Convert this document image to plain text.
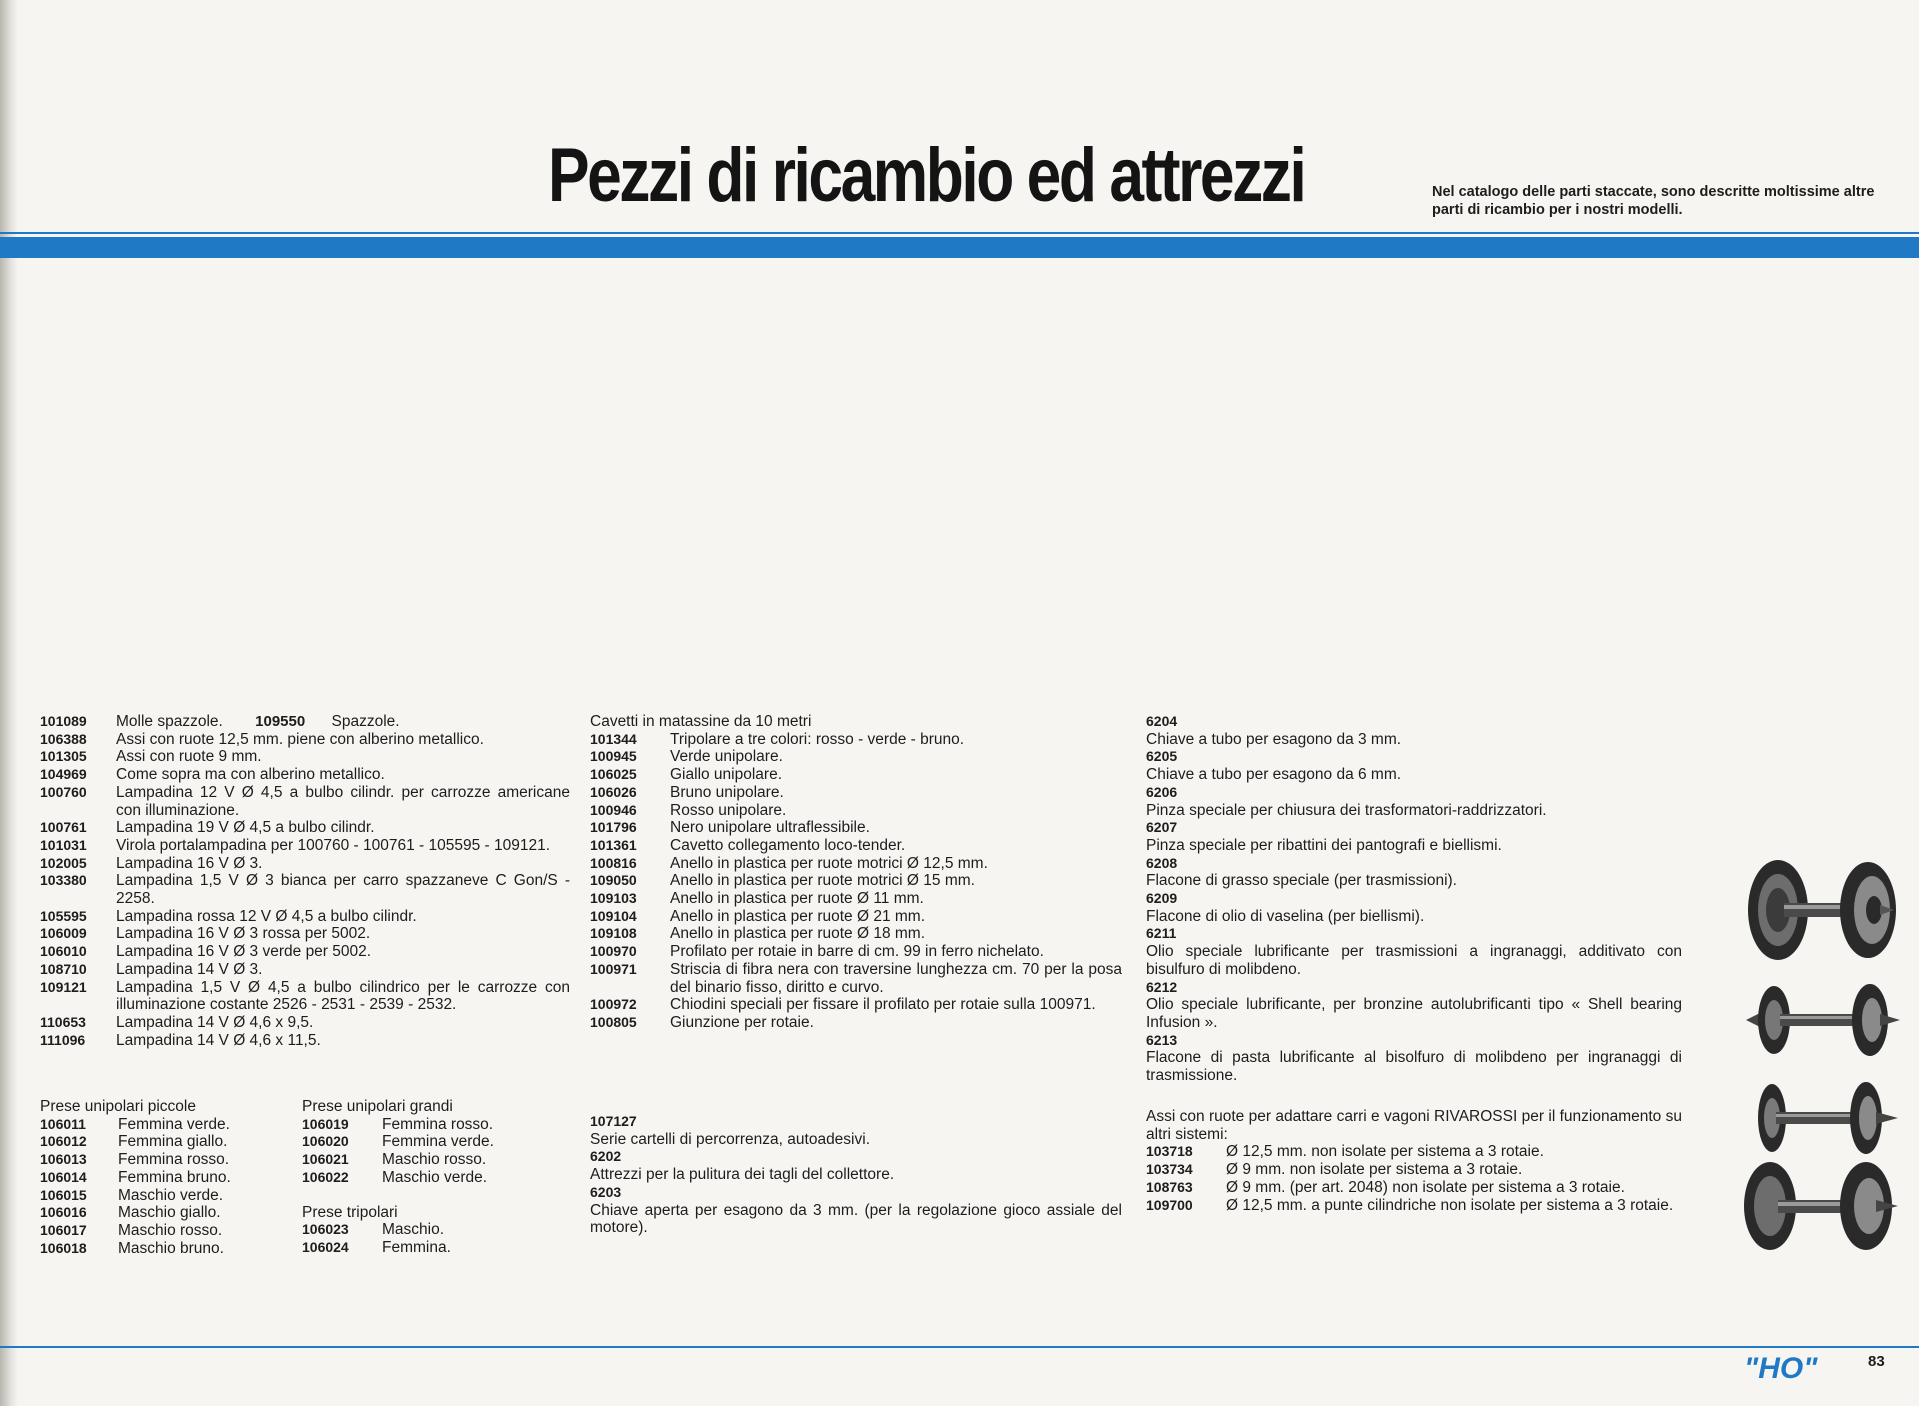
Pezzi di ricambio ed attrezzi	Nel catalogo delle parti staccate, sono descritte moltissime altre parti di ricambio per i nostri modelli.

101089	Molle spazzole. 109550 Spazzole.
106388	Assi con ruote 12,5 mm. piene con alberino metallico.
101305	Assi con ruote 9 mm.
104969	Come sopra ma con alberino metallico.
100760	Lampadina 12 V Ø 4,5 a bulbo cilindr. per carrozze americane con illuminazione.
100761	Lampadina 19 V Ø 4,5 a bulbo cilindr.
101031	Virola portalampadina per 100760 - 100761 - 105595 - 109121.
102005	Lampadina 16 V Ø 3.
103380	Lampadina 1,5 V Ø 3 bianca per carro spazzaneve C Gon/S - 2258.
105595	Lampadina rossa 12 V Ø 4,5 a bulbo cilindr.
106009	Lampadina 16 V Ø 3 rossa per 5002.
106010	Lampadina 16 V Ø 3 verde per 5002.
108710	Lampadina 14 V Ø 3.
109121	Lampadina 1,5 V Ø 4,5 a bulbo cilindrico per le carrozze con illuminazione costante 2526 - 2531 - 2539 - 2532.
110653	Lampadina 14 V Ø 4,6 x 9,5.
111096	Lampadina 14 V Ø 4,6 x 11,5.

Prese unipolari piccole

106011	Femmina verde.
106012	Femmina giallo.
106013	Femmina rosso.
106014	Femmina bruno.
106015	Maschio verde.
106016	Maschio giallo.
106017	Maschio rosso.
106018	Maschio bruno.

Prese unipolari grandi

106019	Femmina rosso.
106020	Femmina verde.
106021	Maschio rosso.
106022	Maschio verde.

Prese tripolari

106023	Maschio.
106024	Femmina.

Cavetti in matassine da 10 metri

101344	Tripolare a tre colori: rosso - verde - bruno.
100945	Verde unipolare.
106025	Giallo unipolare.
106026	Bruno unipolare.
100946	Rosso unipolare.
101796	Nero unipolare ultraflessibile.
101361	Cavetto collegamento loco-tender.
100816	Anello in plastica per ruote motrici Ø 12,5 mm.
109050	Anello in plastica per ruote motrici Ø 15 mm.
109103	Anello in plastica per ruote Ø 11 mm.
109104	Anello in plastica per ruote Ø 21 mm.
109108	Anello in plastica per ruote Ø 18 mm.
100970	Profilato per rotaie in barre di cm. 99 in ferro nichelato.
100971	Striscia di fibra nera con traversine lunghezza cm. 70 per la posa del binario fisso, diritto e curvo.
100972	Chiodini speciali per fissare il profilato per rotaie sulla 100971.
100805	Giunzione per rotaie.
107127
Serie cartelli di percorrenza, autoadesivi.
6202
Attrezzi per la pulitura dei tagli del collettore.
6203
Chiave aperta per esagono da 3 mm. (per la regolazione gioco assiale del motore).
6204
Chiave a tubo per esagono da 3 mm.
6205
Chiave a tubo per esagono da 6 mm.
6206
Pinza speciale per chiusura dei trasformatori-raddrizzatori.
6207
Pinza speciale per ribattini dei pantografi e biellismi.
6208
Flacone di grasso speciale (per trasmissioni).
6209
Flacone di olio di vaselina (per biellismi).
6211
Olio speciale lubrificante per trasmissioni a ingranaggi, additivato con bisulfuro di molibdeno.
6212
Olio speciale lubrificante, per bronzine autolubrificanti tipo « Shell bearing Infusion ».
6213
Flacone di pasta lubrificante al bisolfuro di molibdeno per ingranaggi di trasmissione.

Assi con ruote per adattare carri e vagoni RIVAROSSI per il funzionamento su altri sistemi:

103718	Ø 12,5 mm. non isolate per sistema a 3 rotaie.
103734	Ø 9 mm. non isolate per sistema a 3 rotaie.
108763	Ø 9 mm. (per art. 2048) non isolate per sistema a 3 rotaie.
109700	Ø 12,5 mm. a punte cilindriche non isolate per sistema a 3 rotaie.

"HO"	83
